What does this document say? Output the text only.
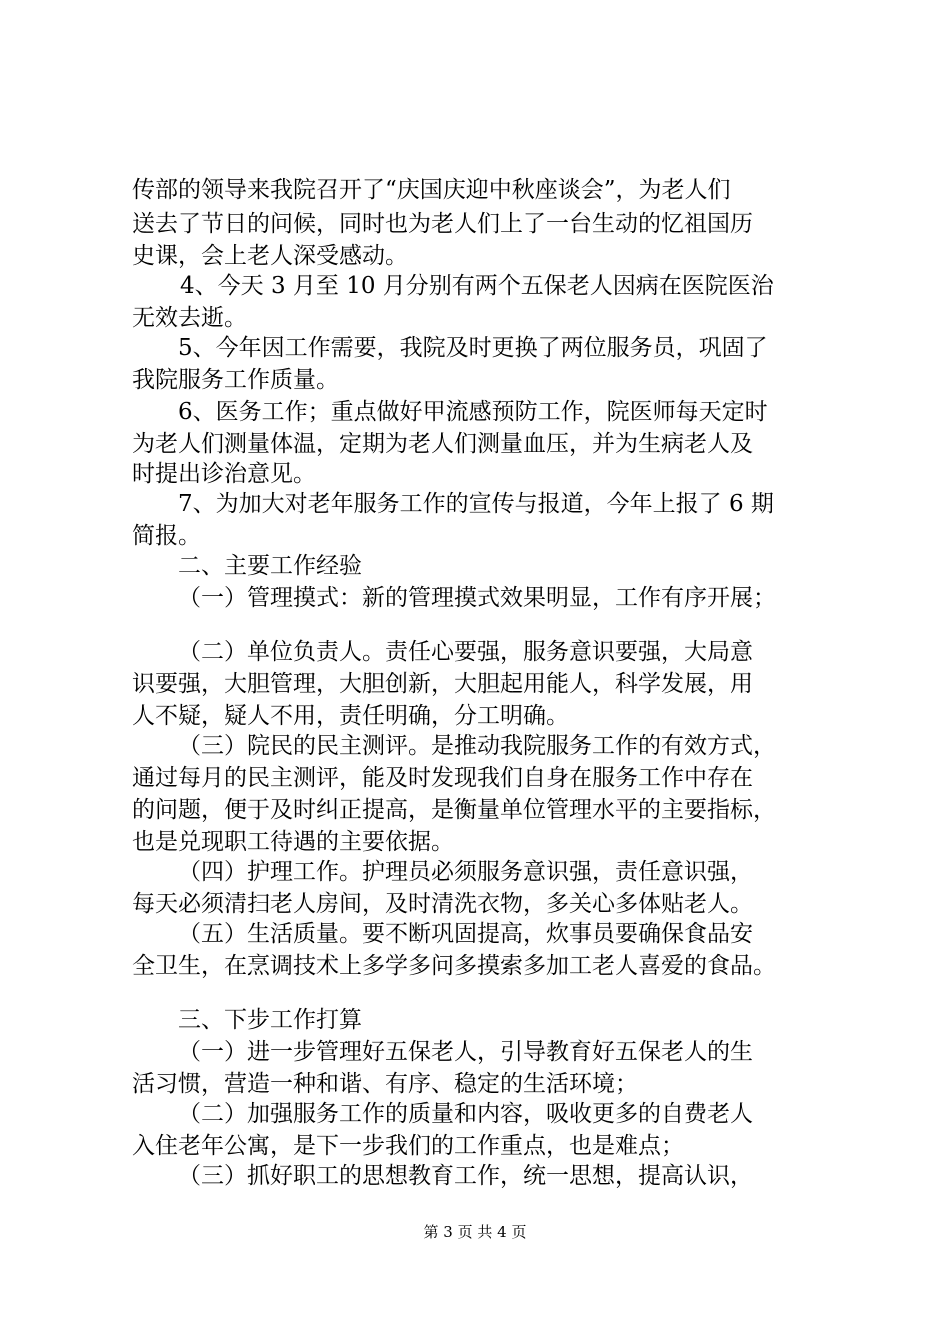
传部的领导来我院召开了“庆国庆迎中秋座谈会”，为老人们

送去了节日的问候，同时也为老人们上了一台生动的忆祖国历

史课，会上老人深受感动。

4、今天 3 月至 10 月分别有两个五保老人因病在医院医治

无效去逝。

5、今年因工作需要，我院及时更换了两位服务员，巩固了

我院服务工作质量。

6、医务工作；重点做好甲流感预防工作，院医师每天定时

为老人们测量体温，定期为老人们测量血压，并为生病老人及

时提出诊治意见。

7、为加大对老年服务工作的宣传与报道，今年上报了 6 期

简报。

二、主要工作经验

（一）管理摸式：新的管理摸式效果明显，工作有序开展；

（二）单位负责人。责任心要强，服务意识要强，大局意

识要强，大胆管理，大胆创新，大胆起用能人，科学发展，用

人不疑，疑人不用，责任明确，分工明确。

（三）院民的民主测评。是推动我院服务工作的有效方式，

通过每月的民主测评，能及时发现我们自身在服务工作中存在

的问题，便于及时纠正提高，是衡量单位管理水平的主要指标，

也是兑现职工待遇的主要依据。

（四）护理工作。护理员必须服务意识强，责任意识强，

每天必须清扫老人房间，及时清洗衣物，多关心多体贴老人。

（五）生活质量。要不断巩固提高，炊事员要确保食品安

全卫生，在烹调技术上多学多问多摸索多加工老人喜爱的食品。

三、下步工作打算

（一）进一步管理好五保老人，引导教育好五保老人的生

活习惯，营造一种和谐、有序、稳定的生活环境；

（二）加强服务工作的质量和内容，吸收更多的自费老人

入住老年公寓，是下一步我们的工作重点，也是难点；

（三）抓好职工的思想教育工作，统一思想，提高认识，

第 3 页 共 4 页
